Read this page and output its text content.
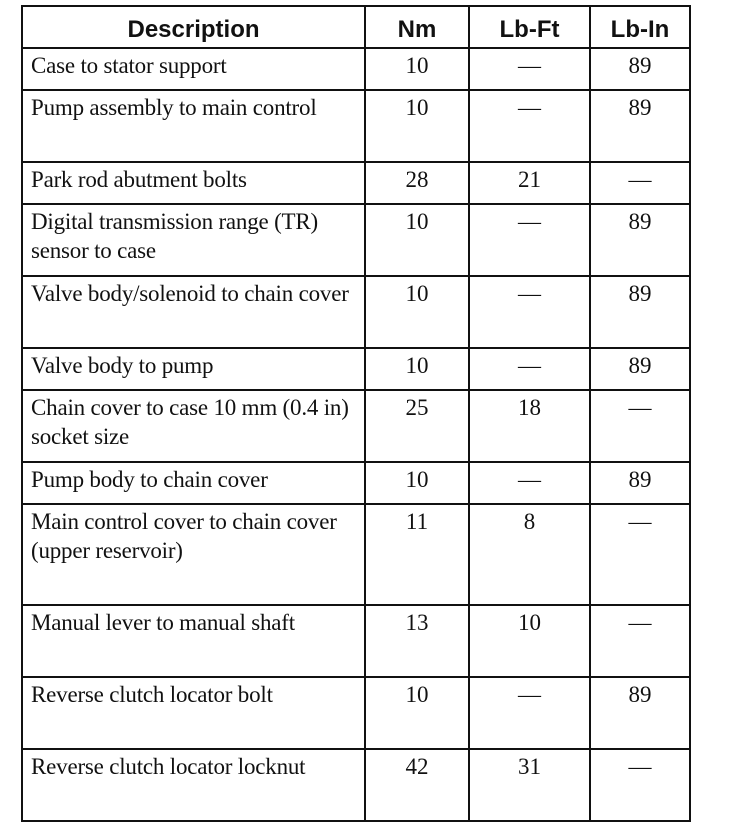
Description	Nm	Lb-Ft	Lb-In
Case to stator support	10	—	89
Pump assembly to main control	10	—	89
Park rod abutment bolts	28	21	—
Digital transmission range (TR) sensor to case	10	—	89
Valve body/solenoid to chain cover	10	—	89
Valve body to pump	10	—	89
Chain cover to case 10 mm (0.4 in) socket size	25	18	—
Pump body to chain cover	10	—	89
Main control cover to chain cover (upper reservoir)	11	8	—
Manual lever to manual shaft	13	10	—
Reverse clutch locator bolt	10	—	89
Reverse clutch locator locknut	42	31	—
